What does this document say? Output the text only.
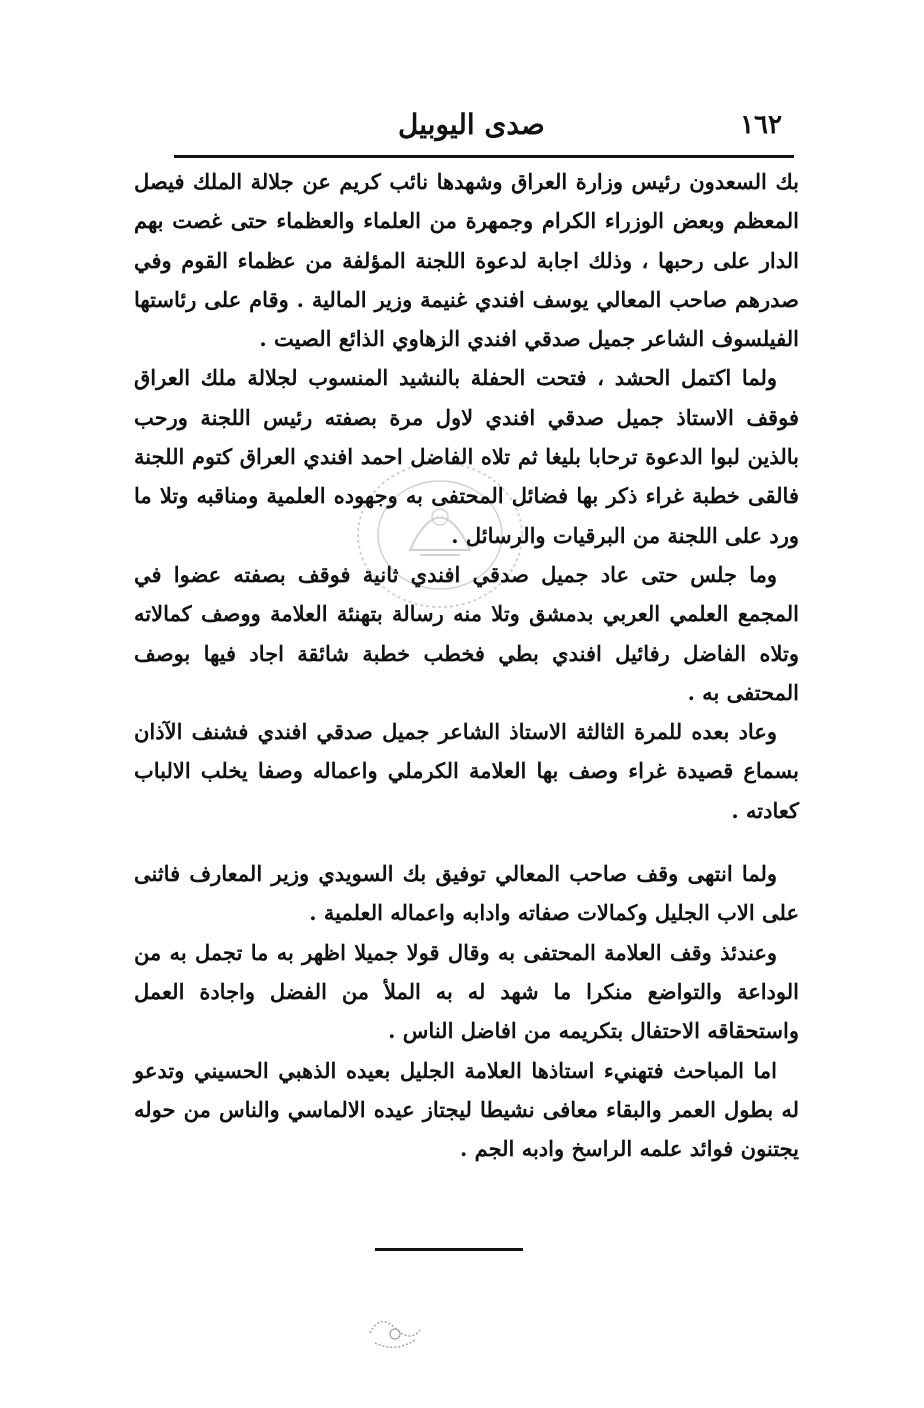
١٦٢
صدى اليوبيل

بك السعدون رئيس وزارة العراق وشهدها نائب كريم عن جلالة الملك فيصل المعظم وبعض الوزراء الكرام وجمهرة من العلماء والعظماء حتى غصت بهم الدار على رحبها ، وذلك اجابة لدعوة اللجنة المؤلفة من عظماء القوم وفي صدرهم صاحب المعالي يوسف افندي غنيمة وزير المالية . وقام على رئاستها الفيلسوف الشاعر جميل صدقي افندي الزهاوي الذائع الصيت .

ولما اكتمل الحشد ، فتحت الحفلة بالنشيد المنسوب لجلالة ملك العراق فوقف الاستاذ جميل صدقي افندي لاول مرة بصفته رئيس اللجنة ورحب بالذين لبوا الدعوة ترحابا بليغا ثم تلاه الفاضل احمد افندي العراق كتوم اللجنة فالقى خطبة غراء ذكر بها فضائل المحتفى به وجهوده العلمية ومناقبه وتلا ما ورد على اللجنة من البرقيات والرسائل .

وما جلس حتى عاد جميل صدقي افندي ثانية فوقف بصفته عضوا في المجمع العلمي العربي بدمشق وتلا منه رسالة بتهنئة العلامة ووصف كمالاته وتلاه الفاضل رفائيل افندي بطي فخطب خطبة شائقة اجاد فيها بوصف المحتفى به .

وعاد بعده للمرة الثالثة الاستاذ الشاعر جميل صدقي افندي فشنف الآذان بسماع قصيدة غراء وصف بها العلامة الكرملي واعماله وصفا يخلب الالباب كعادته .

ولما انتهى وقف صاحب المعالي توفيق بك السويدي وزير المعارف فاثنى على الاب الجليل وكمالات صفاته وادابه واعماله العلمية .

وعندئذ وقف العلامة المحتفى به وقال قولا جميلا اظهر به ما تجمل به من الوداعة والتواضع منكرا ما شهد له به الملأ من الفضل واجادة العمل واستحقاقه الاحتفال بتكريمه من افاضل الناس .

اما المباحث فتهنيء استاذها العلامة الجليل بعيده الذهبي الحسيني وتدعو له بطول العمر والبقاء معافى نشيطا ليجتاز عيده الالماسي والناس من حوله يجتنون فوائد علمه الراسخ وادبه الجم .
